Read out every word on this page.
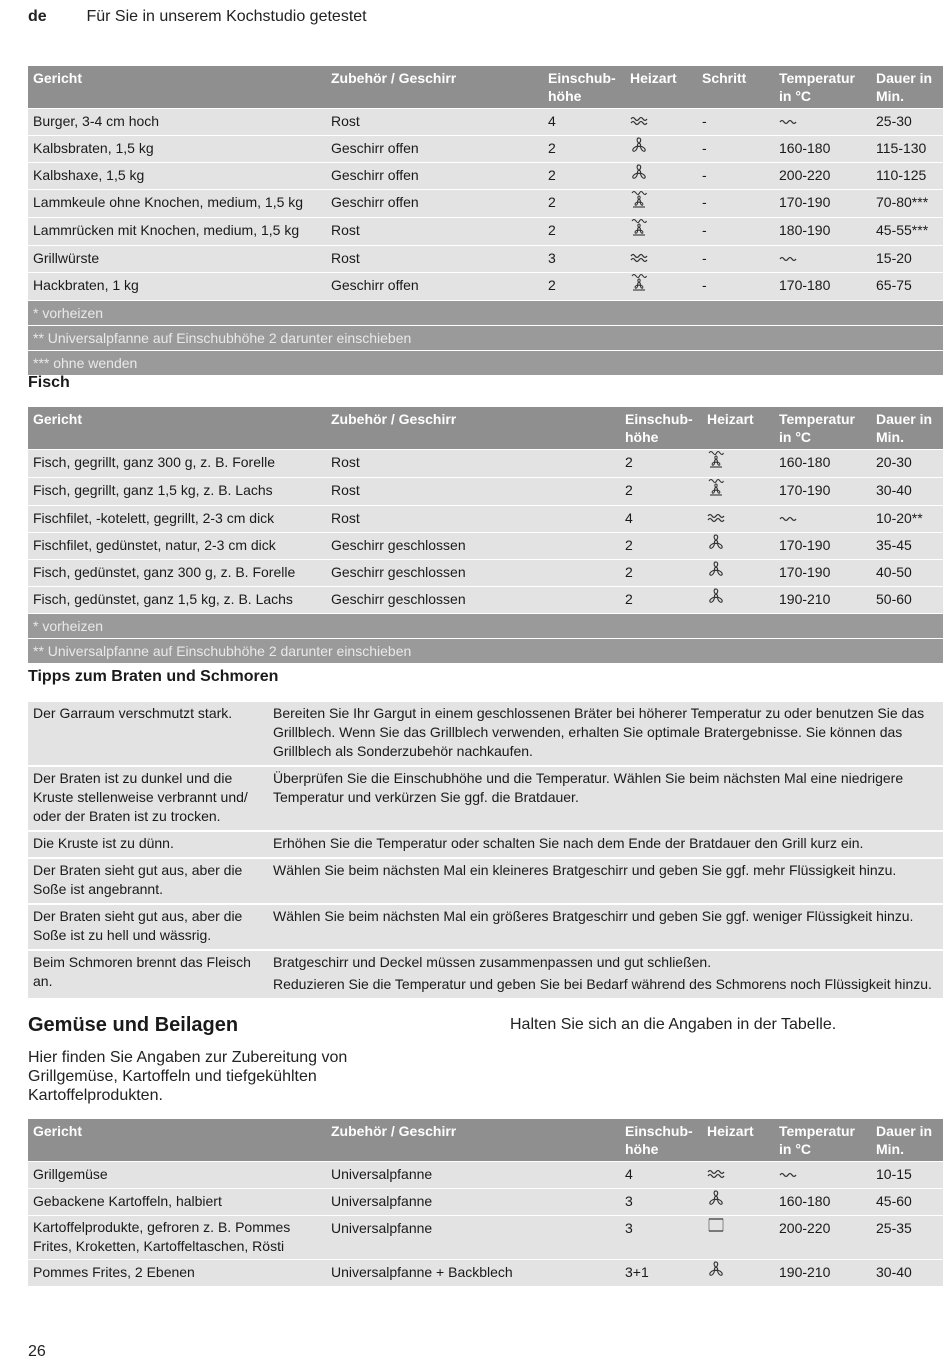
de Für Sie in unserem Kochstudio getestet
Gericht	Zubehör / Geschirr	Einschub-höhe	Heizart	Schritt	Temperatur in °C	Dauer in Min.
Burger, 3-4 cm hoch	Rost	4		-		25-30
Kalbsbraten, 1,5 kg	Geschirr offen	2		-	160-180	115-130
Kalbshaxe, 1,5 kg	Geschirr offen	2		-	200-220	110-125
Lammkeule ohne Knochen, medium, 1,5 kg	Geschirr offen	2		-	170-190	70-80***
Lammrücken mit Knochen, medium, 1,5 kg	Rost	2		-	180-190	45-55***
Grillwürste	Rost	3		-		15-20
Hackbraten, 1 kg	Geschirr offen	2		-	170-180	65-75
* vorheizen						
** Universalpfanne auf Einschubhöhe 2 darunter einschieben						
*** ohne wenden						
Fisch
Gericht	Zubehör / Geschirr	Einschub-höhe	Heizart	Temperatur in °C	Dauer in Min.
Fisch, gegrillt, ganz 300 g, z. B. Forelle	Rost	2		160-180	20-30
Fisch, gegrillt, ganz 1,5 kg, z. B. Lachs	Rost	2		170-190	30-40
Fischfilet, -kotelett, gegrillt, 2-3 cm dick	Rost	4			10-20**
Fischfilet, gedünstet, natur, 2-3 cm dick	Geschirr geschlossen	2		170-190	35-45
Fisch, gedünstet, ganz 300 g, z. B. Forelle	Geschirr geschlossen	2		170-190	40-50
Fisch, gedünstet, ganz 1,5 kg, z. B. Lachs	Geschirr geschlossen	2		190-210	50-60
* vorheizen					
** Universalpfanne auf Einschubhöhe 2 darunter einschieben					
Tipps zum Braten und Schmoren
Der Garraum verschmutzt stark.	Bereiten Sie Ihr Gargut in einem geschlossenen Bräter bei höherer Temperatur zu oder benutzen Sie das Grillblech. Wenn Sie das Grillblech verwenden, erhalten Sie optimale Bratergebnisse. Sie können das Grillblech als Sonderzubehör nachkaufen.

Der Braten ist zu dunkel und die Kruste stellenweise verbrannt und/ oder der Braten ist zu trocken.	Überprüfen Sie die Einschubhöhe und die Temperatur. Wählen Sie beim nächsten Mal eine niedrigere Temperatur und verkürzen Sie ggf. die Bratdauer.

Die Kruste ist zu dünn.	Erhöhen Sie die Temperatur oder schalten Sie nach dem Ende der Bratdauer den Grill kurz ein.

Der Braten sieht gut aus, aber die Soße ist angebrannt.	Wählen Sie beim nächsten Mal ein kleineres Bratgeschirr und geben Sie ggf. mehr Flüssigkeit hinzu.

Der Braten sieht gut aus, aber die Soße ist zu hell und wässrig.	Wählen Sie beim nächsten Mal ein größeres Bratgeschirr und geben Sie ggf. weniger Flüssigkeit hinzu.

Beim Schmoren brennt das Fleisch an.	Bratgeschirr und Deckel müssen zusammenpassen und gut schließen.
Reduzieren Sie die Temperatur und geben Sie bei Bedarf während des Schmorens noch Flüssigkeit hinzu.
Gemüse und Beilagen
Hier finden Sie Angaben zur Zubereitung von Grillgemüse, Kartoffeln und tiefgekühlten Kartoffelprodukten.
Halten Sie sich an die Angaben in der Tabelle.
Gericht	Zubehör / Geschirr	Einschub-höhe	Heizart	Temperatur in °C	Dauer in Min.
Grillgemüse	Universalpfanne	4			10-15
Gebackene Kartoffeln, halbiert	Universalpfanne	3		160-180	45-60
Kartoffelprodukte, gefroren z. B. Pommes Frites, Kroketten, Kartoffeltaschen, Rösti	Universalpfanne	3		200-220	25-35
Pommes Frites, 2 Ebenen	Universalpfanne + Backblech	3+1		190-210	30-40
26
